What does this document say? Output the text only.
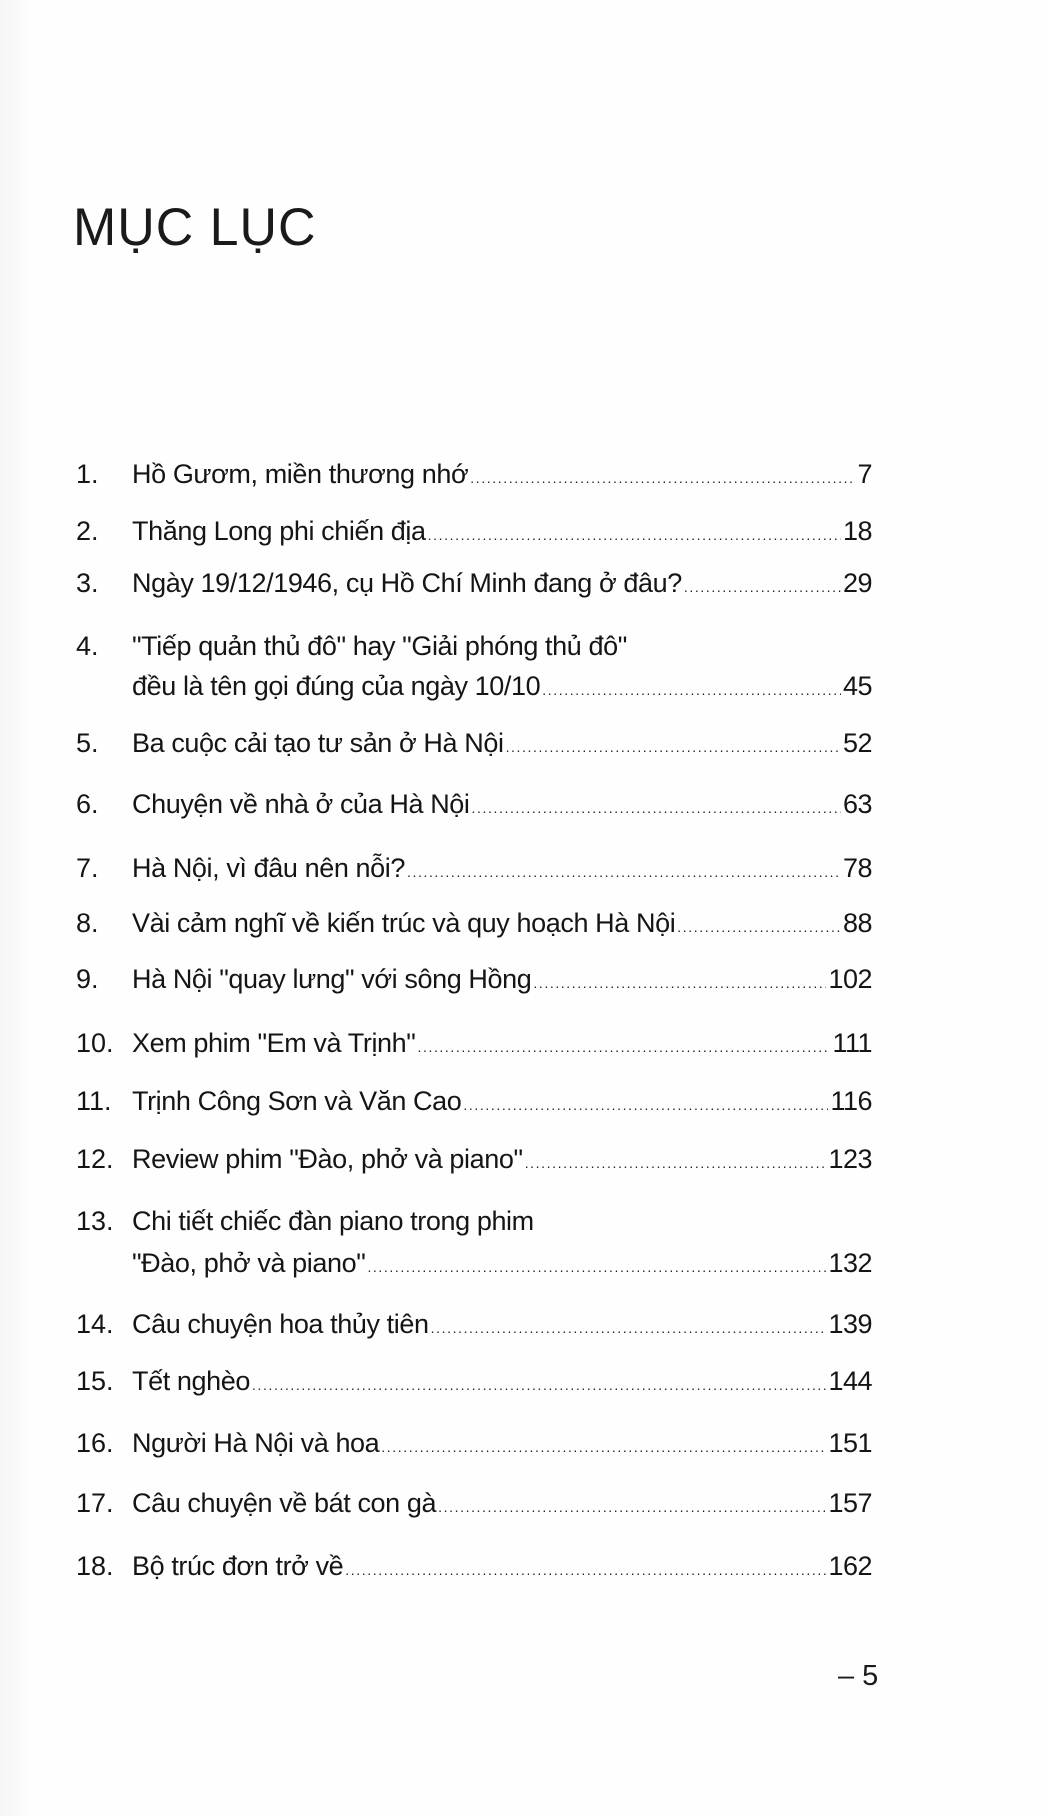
MỤC LỤC
1.	Hồ Gươm, miền thương nhớ .....	7
2.	Thăng Long phi chiến địa .....	18
3.	Ngày 19/12/1946, cụ Hồ Chí Minh đang ở đâu? .....	29
4.	"Tiếp quản thủ đô" hay "Giải phóng thủ đô"
đều là tên gọi đúng của ngày 10/10 .....	45
5.	Ba cuộc cải tạo tư sản ở Hà Nội .....	52
6.	Chuyện về nhà ở của Hà Nội .....	63
7.	Hà Nội, vì đâu nên nỗi? .....	78
8.	Vài cảm nghĩ về kiến trúc và quy hoạch Hà Nội .....	88
9.	Hà Nội "quay lưng" với sông Hồng .....	102
10. Xem phim "Em và Trịnh" .....	111
11. Trịnh Công Sơn và Văn Cao .....	116
12. Review phim "Đào, phở và piano" .....	123
13. Chi tiết chiếc đàn piano trong phim
"Đào, phở và piano" .....	132
14. Câu chuyện hoa thủy tiên .....	139
15. Tết nghèo .....	144
16. Người Hà Nội và hoa .....	151
17. Câu chuyện về bát con gà .....	157
18. Bộ trúc đơn trở về .....	162
– 5
